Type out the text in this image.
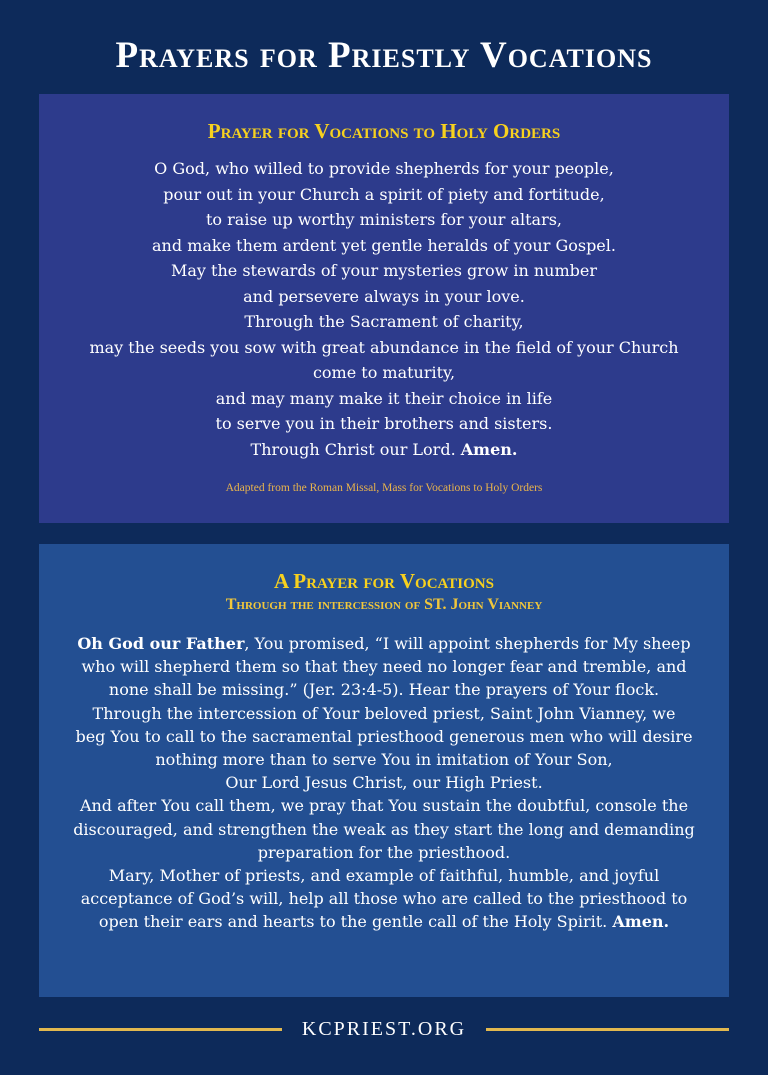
Prayers for Priestly Vocations
Prayer for Vocations to Holy Orders
O God, who willed to provide shepherds for your people,
pour out in your Church a spirit of piety and fortitude,
to raise up worthy ministers for your altars,
and make them ardent yet gentle heralds of your Gospel.
May the stewards of your mysteries grow in number
and persevere always in your love.
Through the Sacrament of charity,
may the seeds you sow with great abundance in the field of your Church
come to maturity,
and may many make it their choice in life
to serve you in their brothers and sisters.
Through Christ our Lord. Amen.
Adapted from the Roman Missal, Mass for Vocations to Holy Orders
A Prayer for Vocations
Through the intercession of ST. John Vianney
Oh God our Father, You promised, “I will appoint shepherds for My sheep
who will shepherd them so that they need no longer fear and tremble, and
none shall be missing.” (Jer. 23:4-5). Hear the prayers of Your flock.
Through the intercession of Your beloved priest, Saint John Vianney, we
beg You to call to the sacramental priesthood generous men who will desire
nothing more than to serve You in imitation of Your Son,
Our Lord Jesus Christ, our High Priest.
And after You call them, we pray that You sustain the doubtful, console the
discouraged, and strengthen the weak as they start the long and demanding
preparation for the priesthood.
Mary, Mother of priests, and example of faithful, humble, and joyful
acceptance of God’s will, help all those who are called to the priesthood to
open their ears and hearts to the gentle call of the Holy Spirit. Amen.
KCPRIEST.ORG
